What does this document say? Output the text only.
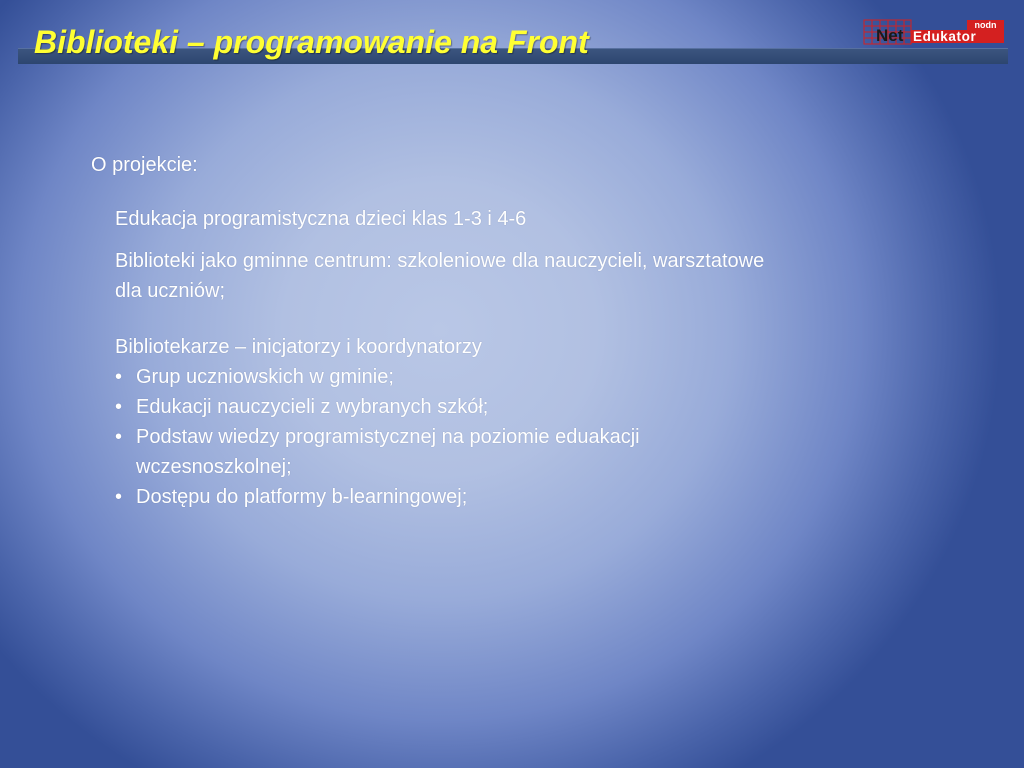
Biblioteki – programowanie na Front	nodn
Net Edukator

O projekcie:

Edukacja programistyczna dzieci klas 1-3 i 4-6

Biblioteki jako gminne centrum: szkoleniowe dla nauczycieli, warsztatowe dla uczniów;

Bibliotekarze – inicjatorzy i koordynatorzy

• Grup uczniowskich w gminie;
• Edukacji nauczycieli z wybranych szkół;
• Podstaw wiedzy programistycznej na poziomie eduakacji wczesnoszkolnej;
• Dostępu do platformy b-learningowej;
